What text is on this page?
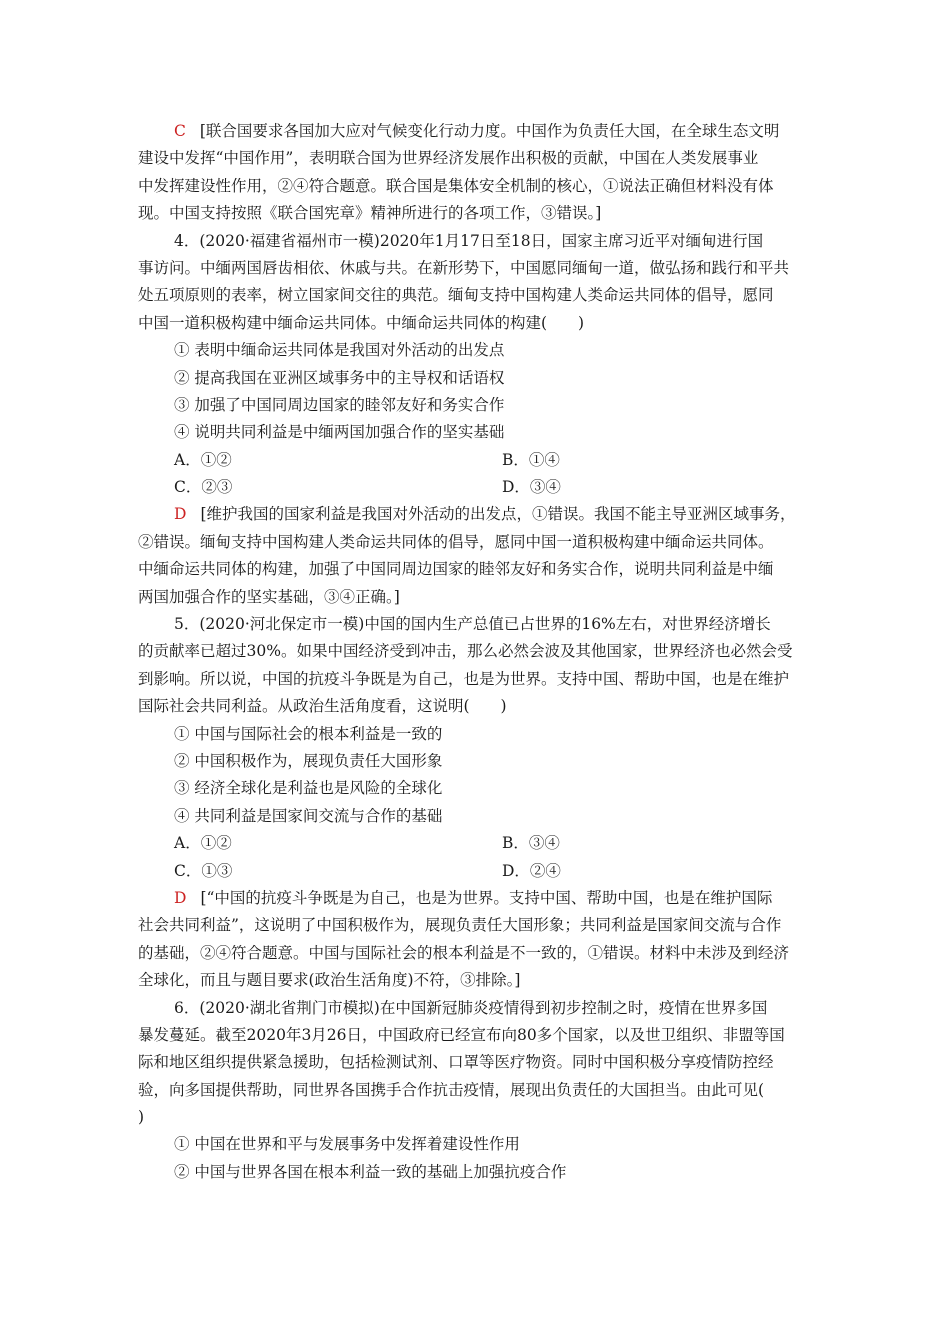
C [联合国要求各国加大应对气候变化行动力度。中国作为负责任大国，在全球生态文明
建设中发挥“中国作用”，表明联合国为世界经济发展作出积极的贡献，中国在人类发展事业
中发挥建设性作用，②④符合题意。联合国是集体安全机制的核心，①说法正确但材料没有体
现。中国支持按照《联合国宪章》精神所进行的各项工作，③错误。]
4．(2020·福建省福州市一模)2020年1月17日至18日，国家主席习近平对缅甸进行国
事访问。中缅两国唇齿相依、休戚与共。在新形势下，中国愿同缅甸一道，做弘扬和践行和平共
处五项原则的表率，树立国家间交往的典范。缅甸支持中国构建人类命运共同体的倡导，愿同
中国一道积极构建中缅命运共同体。中缅命运共同体的构建(　　)
① 表明中缅命运共同体是我国对外活动的出发点
② 提高我国在亚洲区域事务中的主导权和话语权
③ 加强了中国同周边国家的睦邻友好和务实合作
④ 说明共同利益是中缅两国加强合作的坚实基础
A．①②	B．①④
C．②③	D．③④
D [维护我国的国家利益是我国对外活动的出发点，①错误。我国不能主导亚洲区域事务，
②错误。缅甸支持中国构建人类命运共同体的倡导，愿同中国一道积极构建中缅命运共同体。
中缅命运共同体的构建，加强了中国同周边国家的睦邻友好和务实合作，说明共同利益是中缅
两国加强合作的坚实基础，③④正确。]
5．(2020·河北保定市一模)中国的国内生产总值已占世界的16%左右，对世界经济增长
的贡献率已超过30%。如果中国经济受到冲击，那么必然会波及其他国家，世界经济也必然会受
到影响。所以说，中国的抗疫斗争既是为自己，也是为世界。支持中国、帮助中国，也是在维护
国际社会共同利益。从政治生活角度看，这说明(　　)
① 中国与国际社会的根本利益是一致的
② 中国积极作为，展现负责任大国形象
③ 经济全球化是利益也是风险的全球化
④ 共同利益是国家间交流与合作的基础
A．①②	B．③④
C．①③	D．②④
D [“中国的抗疫斗争既是为自己，也是为世界。支持中国、帮助中国，也是在维护国际
社会共同利益”，这说明了中国积极作为，展现负责任大国形象；共同利益是国家间交流与合作
的基础，②④符合题意。中国与国际社会的根本利益是不一致的，①错误。材料中未涉及到经济
全球化，而且与题目要求(政治生活角度)不符，③排除。]
6．(2020·湖北省荆门市模拟)在中国新冠肺炎疫情得到初步控制之时，疫情在世界多国
暴发蔓延。截至2020年3月26日，中国政府已经宣布向80多个国家，以及世卫组织、非盟等国
际和地区组织提供紧急援助，包括检测试剂、口罩等医疗物资。同时中国积极分享疫情防控经
验，向多国提供帮助，同世界各国携手合作抗击疫情，展现出负责任的大国担当。由此可见(
)
① 中国在世界和平与发展事务中发挥着建设性作用
② 中国与世界各国在根本利益一致的基础上加强抗疫合作
